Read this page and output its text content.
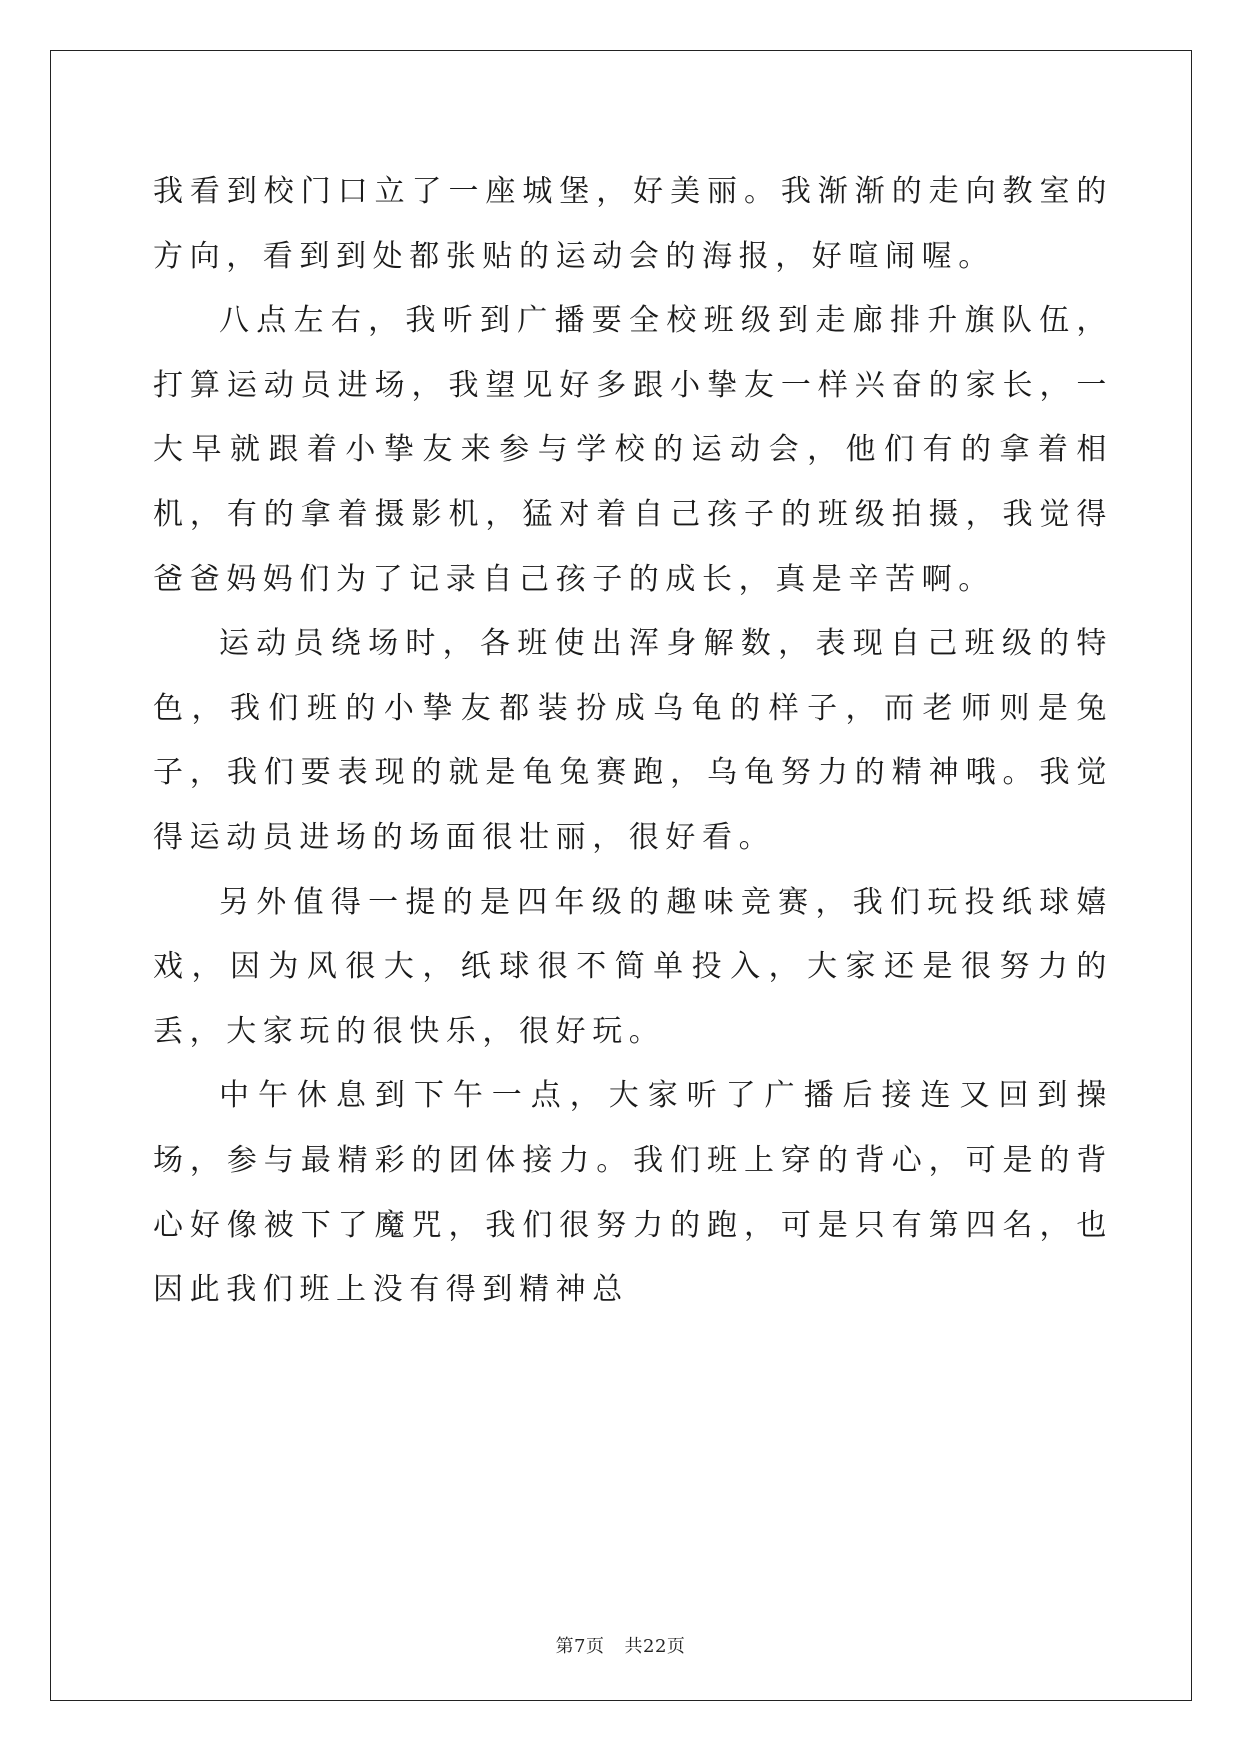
我看到校门口立了一座城堡，好美丽。我渐渐的走向教室的方向，看到到处都张贴的运动会的海报，好喧闹喔。

八点左右，我听到广播要全校班级到走廊排升旗队伍，打算运动员进场，我望见好多跟小挚友一样兴奋的家长，一大早就跟着小挚友来参与学校的运动会，他们有的拿着相机，有的拿着摄影机，猛对着自己孩子的班级拍摄，我觉得爸爸妈妈们为了记录自己孩子的成长，真是辛苦啊。

运动员绕场时，各班使出浑身解数，表现自己班级的特色，我们班的小挚友都装扮成乌龟的样子，而老师则是兔子，我们要表现的就是龟兔赛跑，乌龟努力的精神哦。我觉得运动员进场的场面很壮丽，很好看。

另外值得一提的是四年级的趣味竞赛，我们玩投纸球嬉戏，因为风很大，纸球很不简单投入，大家还是很努力的丢，大家玩的很快乐，很好玩。

中午休息到下午一点，大家听了广播后接连又回到操场，参与最精彩的团体接力。我们班上穿的背心，可是的背心好像被下了魔咒，我们很努力的跑，可是只有第四名，也因此我们班上没有得到精神总

第7页 共22页
